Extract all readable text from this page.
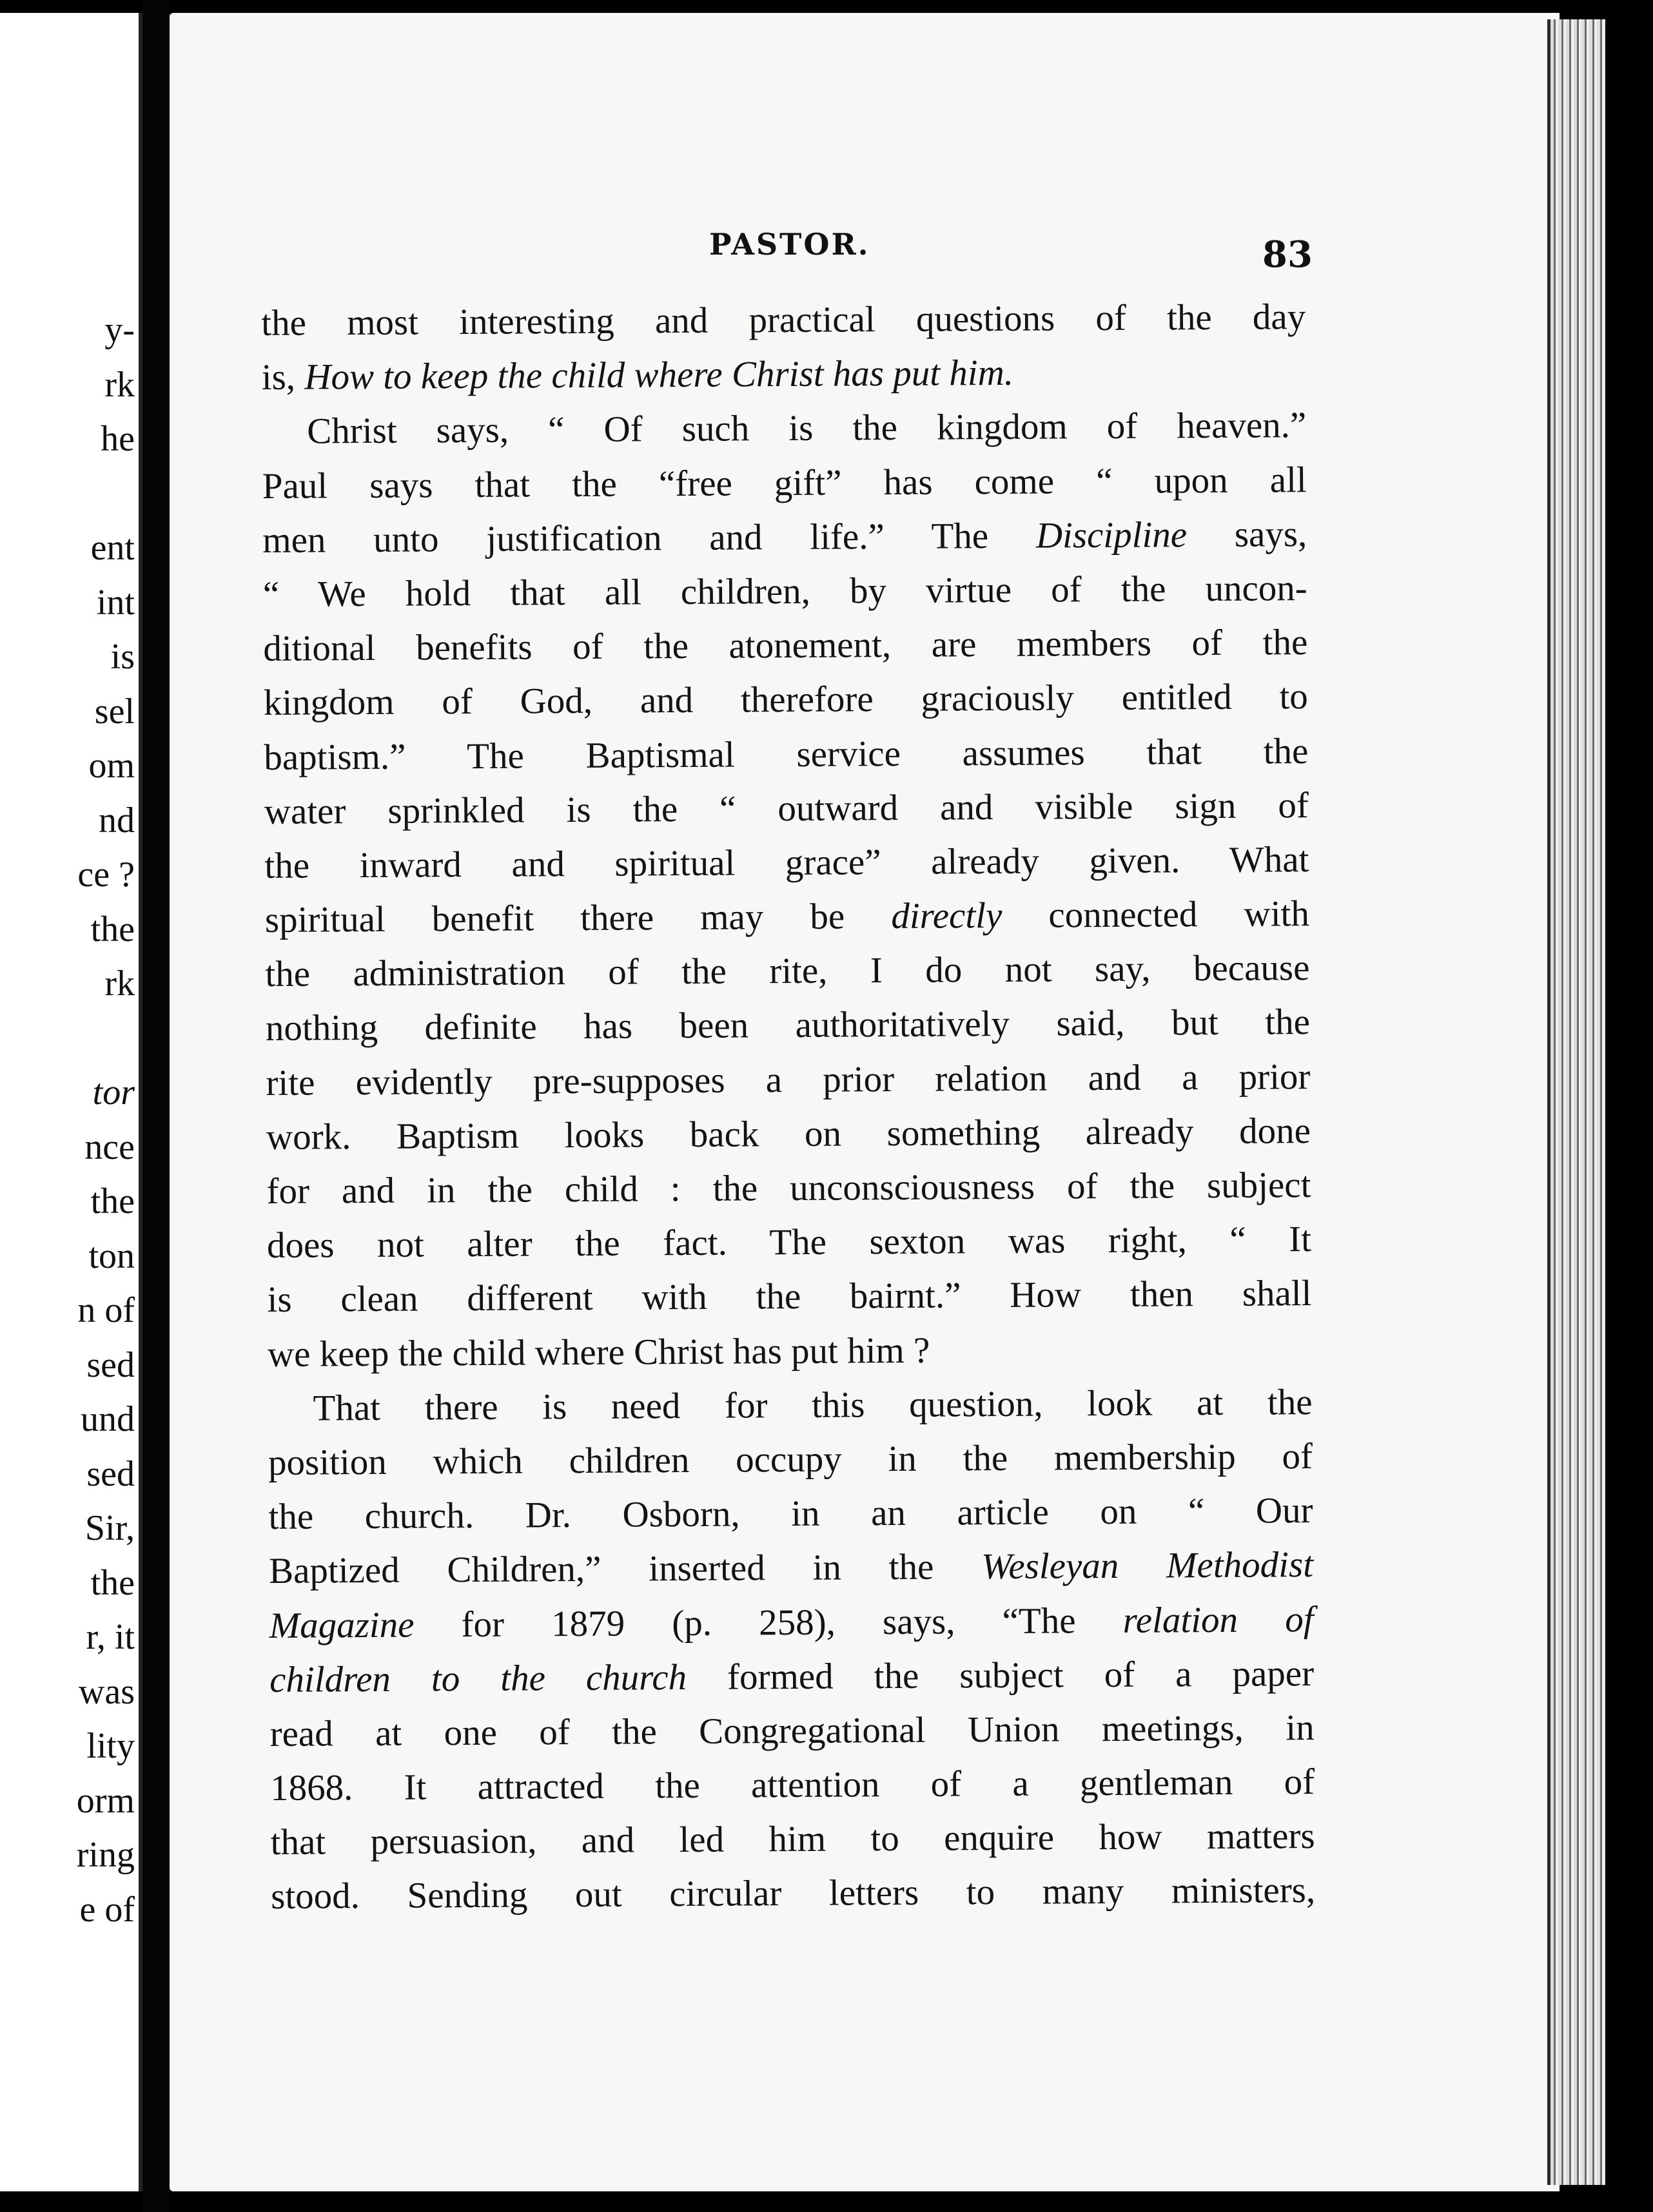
y-
rk
he
ent
int
is
sel
om
nd
ce ?
the
rk
tor
nce
the
ton
n of
sed
und
sed
Sir,
the
r, it
was
lity
orm
ring
e of
PASTOR.	83
the most interesting and practical questions of the day
is, How to keep the child where Christ has put him.
Christ says, “ Of such is the kingdom of heaven.”
Paul says that the “free gift” has come “ upon all
men unto justification and life.” The Discipline says,
“ We hold that all children, by virtue of the uncon-
ditional benefits of the atonement, are members of the
kingdom of God, and therefore graciously entitled to
baptism.” The Baptismal service assumes that the
water sprinkled is the “ outward and visible sign of
the inward and spiritual grace” already given. What
spiritual benefit there may be directly connected with
the administration of the rite, I do not say, because
nothing definite has been authoritatively said, but the
rite evidently pre-supposes a prior relation and a prior
work. Baptism looks back on something already done
for and in the child : the unconsciousness of the subject
does not alter the fact. The sexton was right, “ It
is clean different with the bairnt.” How then shall
we keep the child where Christ has put him ?
That there is need for this question, look at the
position which children occupy in the membership of
the church. Dr. Osborn, in an article on “ Our
Baptized Children,” inserted in the Wesleyan Methodist
Magazine for 1879 (p. 258), says, “The relation of
children to the church formed the subject of a paper
read at one of the Congregational Union meetings, in
1868. It attracted the attention of a gentleman of
that persuasion, and led him to enquire how matters
stood. Sending out circular letters to many ministers,
